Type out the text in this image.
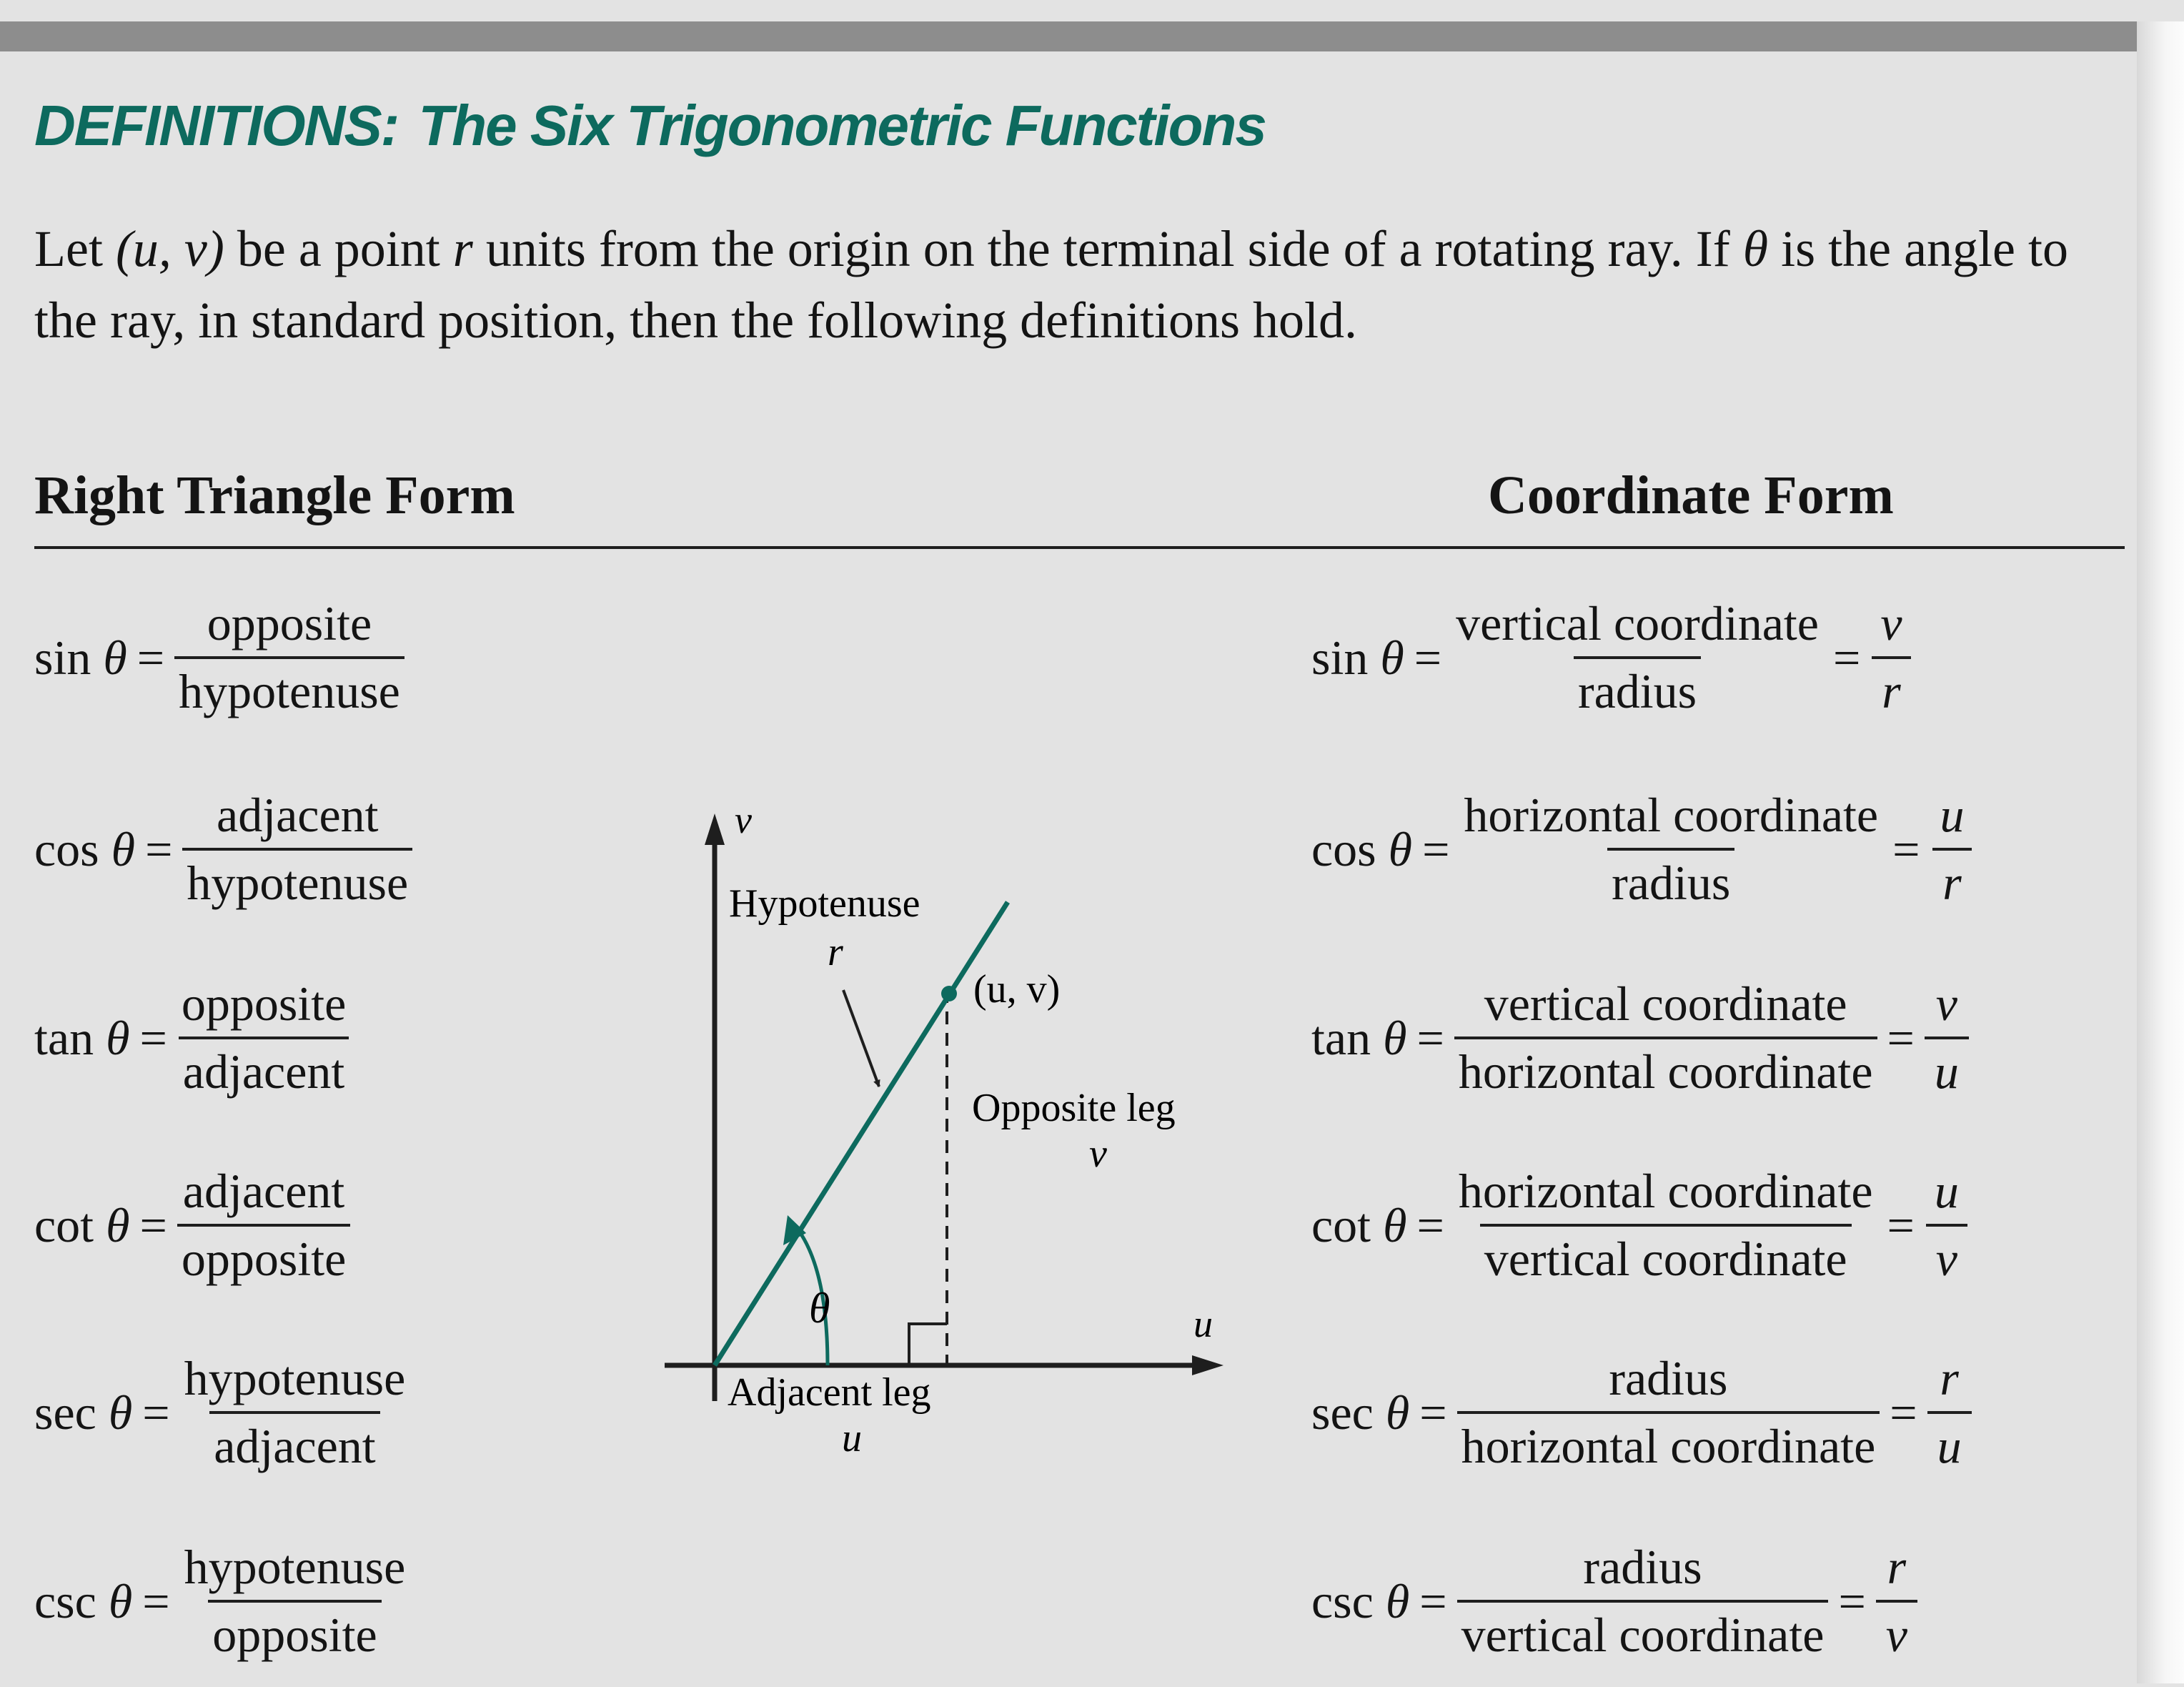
DEFINITIONS: The Six Trigonometric Functions

Let (u, v) be a point r units from the origin on the terminal side of a rotating ray. If θ is the angle to the ray, in standard position, then the following definitions hold.

Right Triangle Form	Coordinate Form
sin
$\theta = \frac{\text{opposite}}{\text{hypotenuse}}$
cos
$\theta = \frac{\text{adjacent}}{\text{hypotenuse}}$
tan
$\theta = \frac{\text{opposite}}{\text{adjacent}}$
cot
$\theta = \frac{\text{adjacent}}{\text{opposite}}$
sec
$\theta = \frac{\text{hypotenuse}}{\text{adjacent}}$
csc
$\theta = \frac{\text{hypotenuse}}{\text{opposite}}$
sin
$\theta = \frac{\text{vertical coordinate}}{\text{radius}} = \frac{v}{r}$
cos
$\theta = \frac{\text{horizontal coordinate}}{\text{radius}} = \frac{u}{r}$
tan
$\theta = \frac{\text{vertical coordinate}}{\text{horizontal coordinate}} = \frac{v}{u}$
cot
$\theta = \frac{\text{horizontal coordinate}}{\text{vertical coordinate}} = \frac{u}{v}$
sec
$\theta = \frac{\text{radius}}{\text{horizontal coordinate}} = \frac{r}{u}$
csc
$\theta = \frac{\text{radius}}{\text{vertical coordinate}} = \frac{r}{v}$
v
u
Hypotenuse
r
(u, v)
Opposite leg
v
θ
Adjacent leg
u
